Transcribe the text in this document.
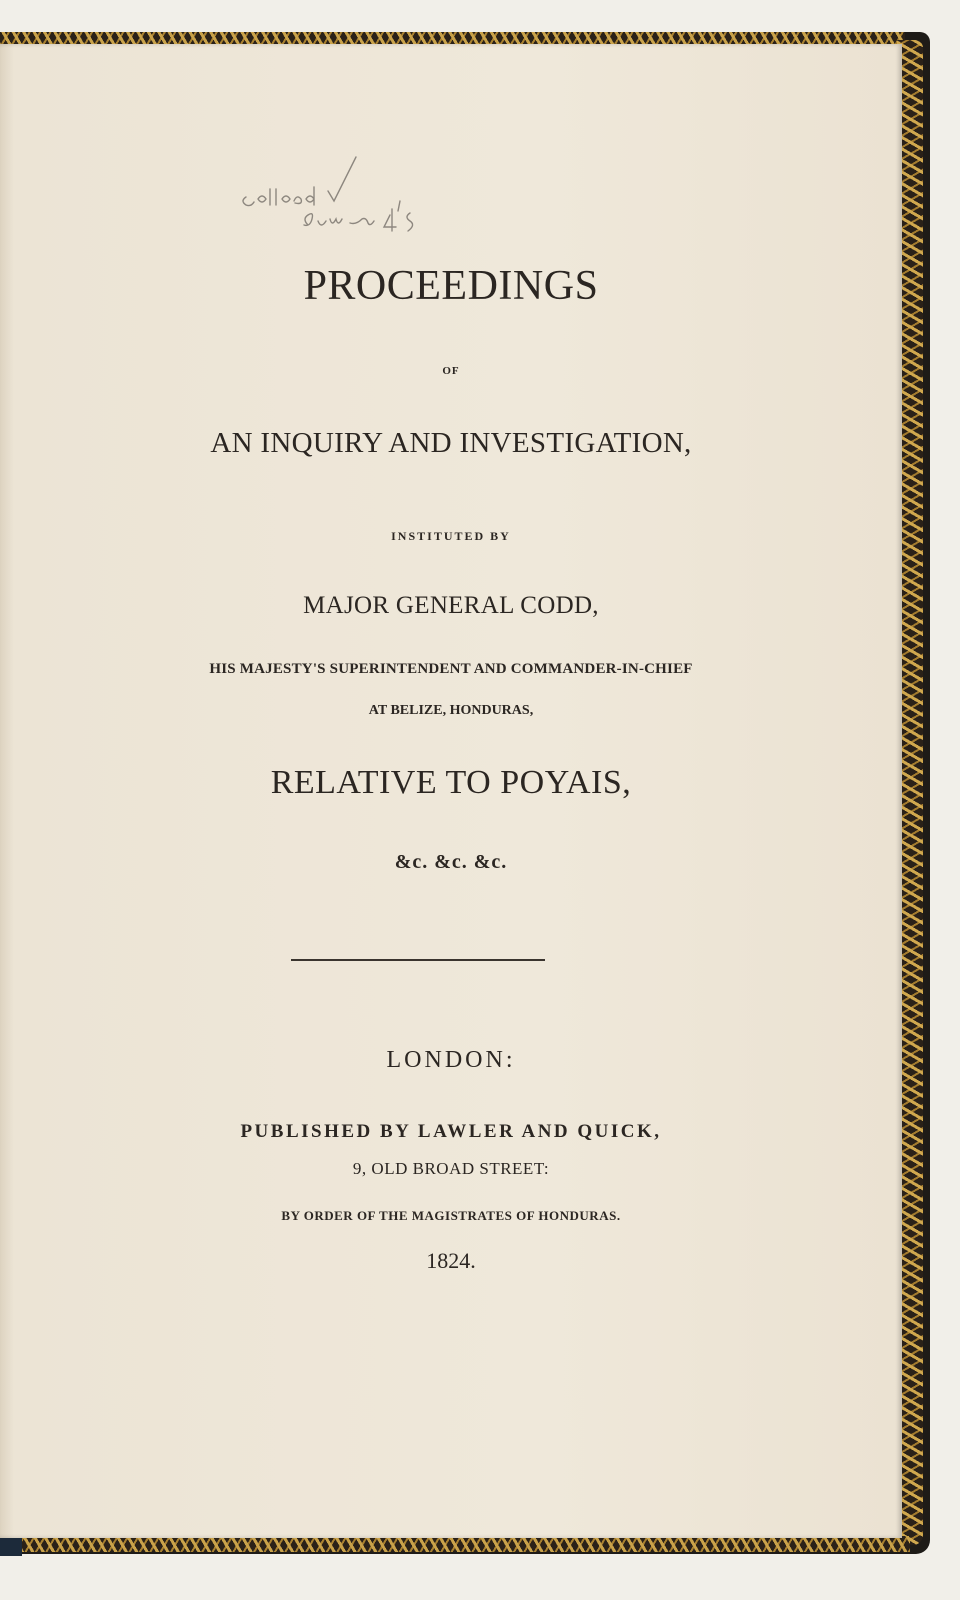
PROCEEDINGS

OF

AN INQUIRY AND INVESTIGATION,

INSTITUTED BY

MAJOR GENERAL CODD,

HIS MAJESTY'S SUPERINTENDENT AND COMMANDER-IN-CHIEF

AT BELIZE, HONDURAS,

RELATIVE TO POYAIS,

&c. &c. &c.

LONDON:

PUBLISHED BY LAWLER AND QUICK,

9, OLD BROAD STREET:

BY ORDER OF THE MAGISTRATES OF HONDURAS.

1824.
